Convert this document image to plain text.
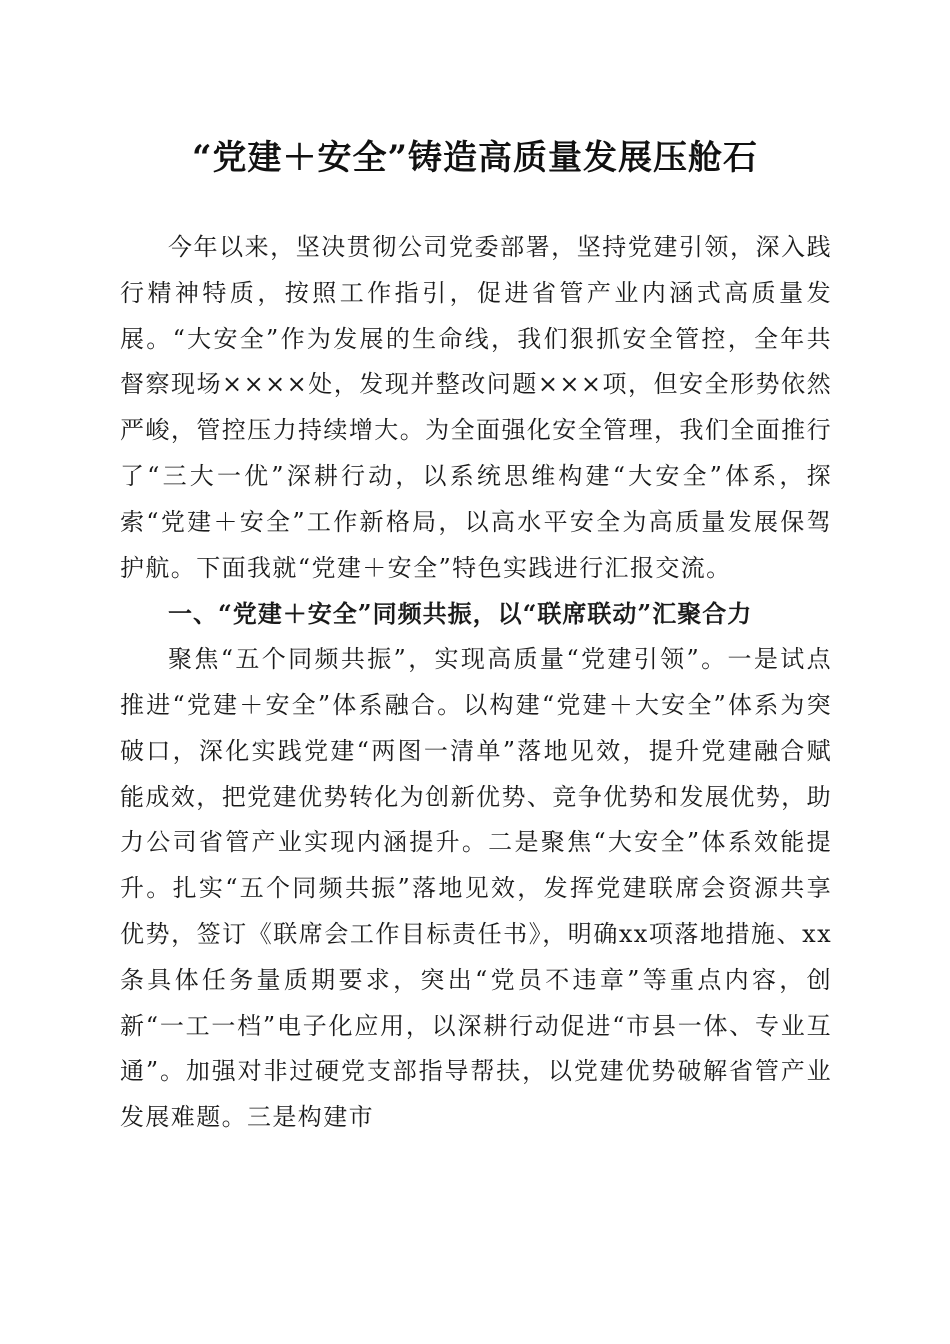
“党建＋安全”铸造高质量发展压舱石

今年以来，坚决贯彻公司党委部署，坚持党建引领，深入践行精神特质，按照工作指引，促进省管产业内涵式高质量发展。“大安全”作为发展的生命线，我们狠抓安全管控，全年共督察现场××××处，发现并整改问题×××项，但安全形势依然严峻，管控压力持续增大。为全面强化安全管理，我们全面推行了“三大一优”深耕行动，以系统思维构建“大安全”体系，探索“党建＋安全”工作新格局，以高水平安全为高质量发展保驾护航。下面我就“党建＋安全”特色实践进行汇报交流。

一、“党建＋安全”同频共振，以“联席联动”汇聚合力

聚焦“五个同频共振”，实现高质量“党建引领”。一是试点推进“党建＋安全”体系融合。以构建“党建＋大安全”体系为突破口，深化实践党建“两图一清单”落地见效，提升党建融合赋能成效，把党建优势转化为创新优势、竞争优势和发展优势，助力公司省管产业实现内涵提升。二是聚焦“大安全”体系效能提升。扎实“五个同频共振”落地见效，发挥党建联席会资源共享优势，签订《联席会工作目标责任书》，明确xx项落地措施、xx条具体任务量质期要求，突出“党员不违章”等重点内容，创新“一工一档”电子化应用，以深耕行动促进“市县一体、专业互通”。加强对非过硬党支部指导帮扶，以党建优势破解省管产业发展难题。三是构建市
